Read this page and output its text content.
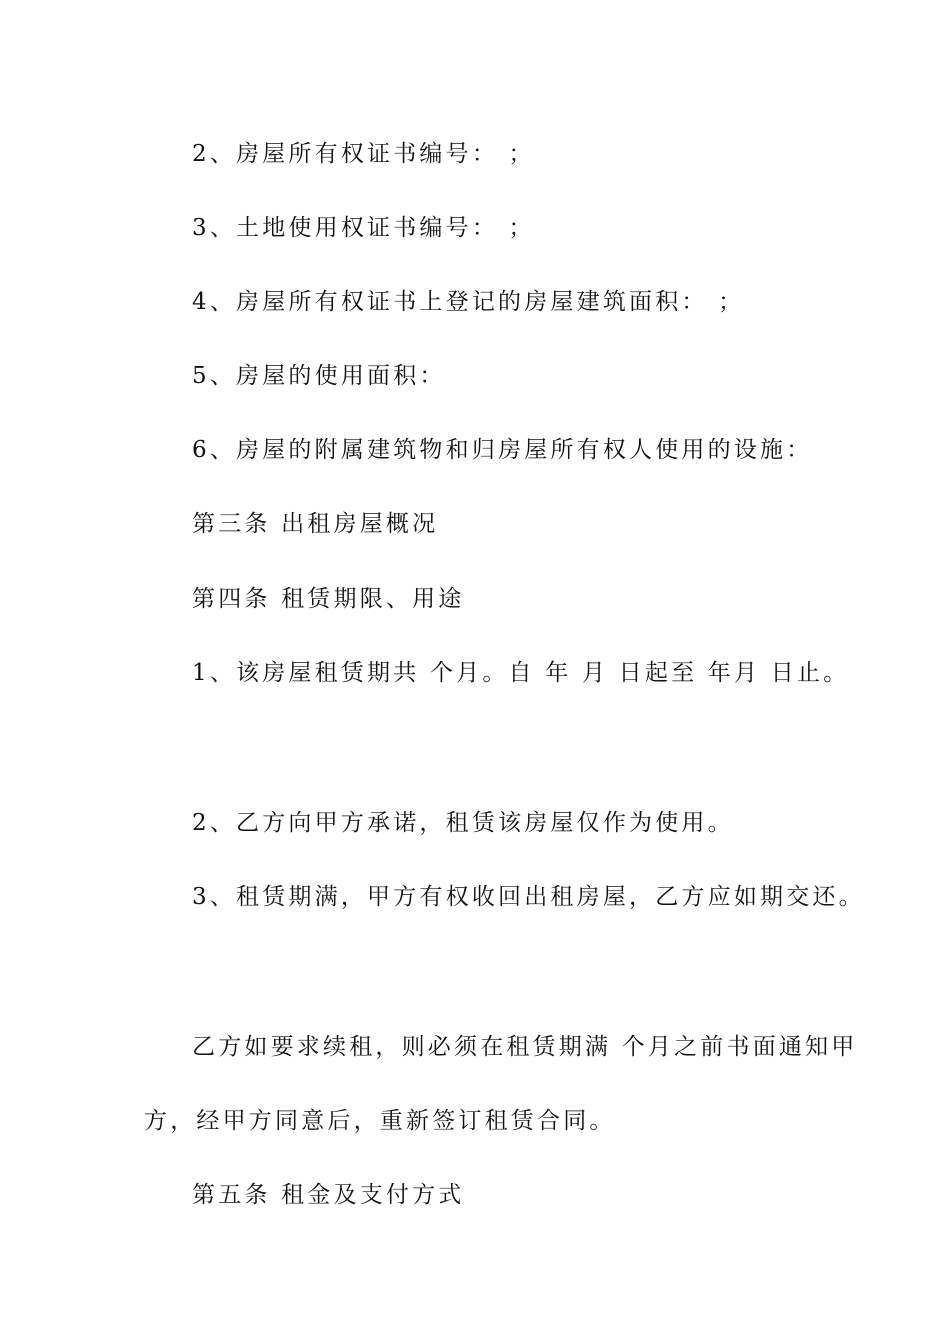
2、房屋所有权证书编号： ；
3、土地使用权证书编号： ；
4、房屋所有权证书上登记的房屋建筑面积： ；
5、房屋的使用面积：
6、房屋的附属建筑物和归房屋所有权人使用的设施：
第三条 出租房屋概况
第四条 租赁期限、用途
1、该房屋租赁期共 个月。自 年 月 日起至 年月 日止。
2、乙方向甲方承诺，租赁该房屋仅作为使用。
3、租赁期满，甲方有权收回出租房屋，乙方应如期交还。
乙方如要求续租，则必须在租赁期满 个月之前书面通知甲
方，经甲方同意后，重新签订租赁合同。
第五条 租金及支付方式
